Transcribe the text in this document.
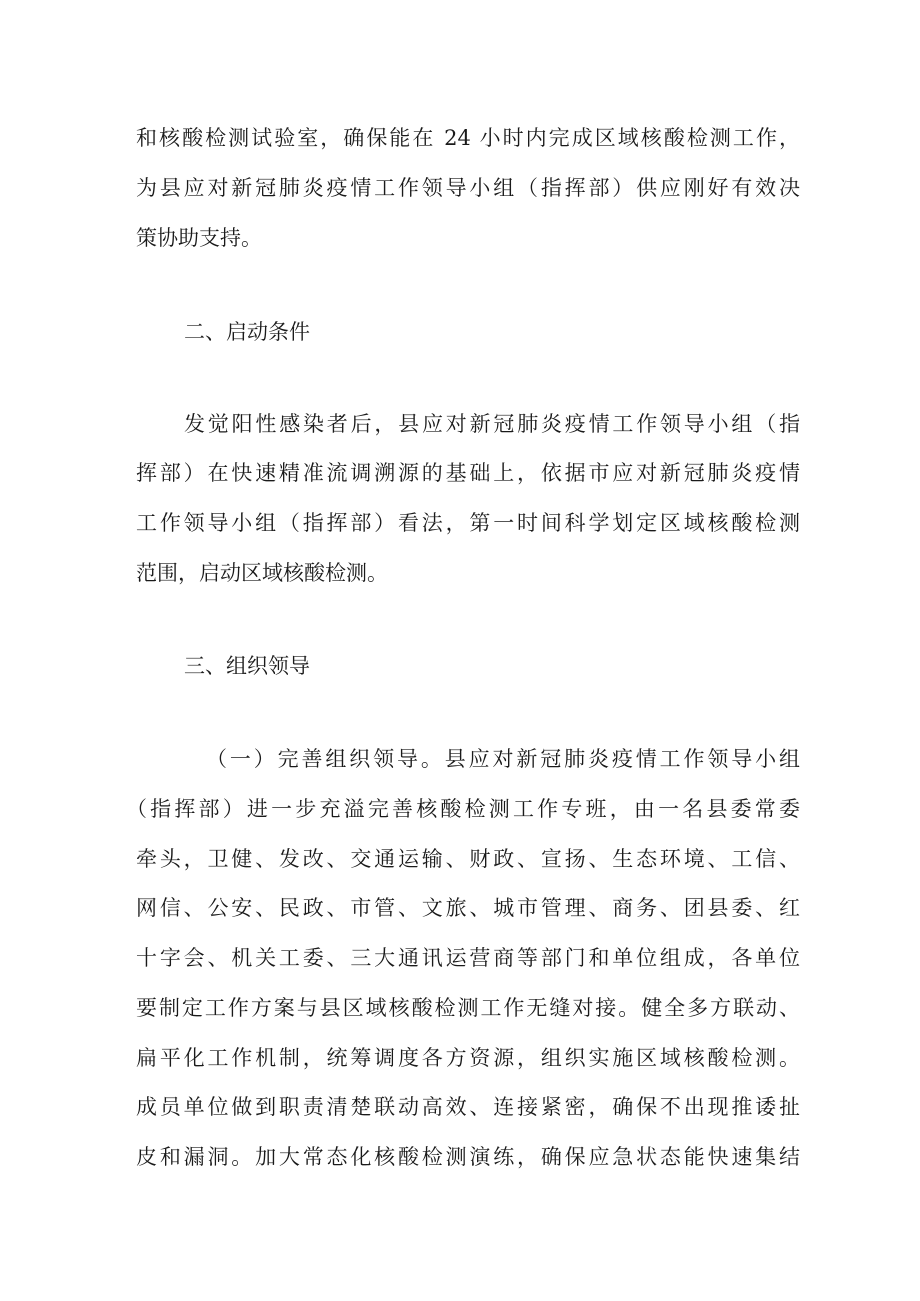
和核酸检测试验室，确保能在 24 小时内完成区域核酸检测工作，
为县应对新冠肺炎疫情工作领导小组（指挥部）供应刚好有效决
策协助支持。
二、启动条件
发觉阳性感染者后，县应对新冠肺炎疫情工作领导小组（指
挥部）在快速精准流调溯源的基础上，依据市应对新冠肺炎疫情
工作领导小组（指挥部）看法，第一时间科学划定区域核酸检测
范围，启动区域核酸检测。
三、组织领导
（一）完善组织领导。县应对新冠肺炎疫情工作领导小组
（指挥部）进一步充溢完善核酸检测工作专班，由一名县委常委
牵头，卫健、发改、交通运输、财政、宣扬、生态环境、工信、
网信、公安、民政、市管、文旅、城市管理、商务、团县委、红
十字会、机关工委、三大通讯运营商等部门和单位组成，各单位
要制定工作方案与县区域核酸检测工作无缝对接。健全多方联动、
扁平化工作机制，统筹调度各方资源，组织实施区域核酸检测。
成员单位做到职责清楚联动高效、连接紧密，确保不出现推诿扯
皮和漏洞。加大常态化核酸检测演练，确保应急状态能快速集结
